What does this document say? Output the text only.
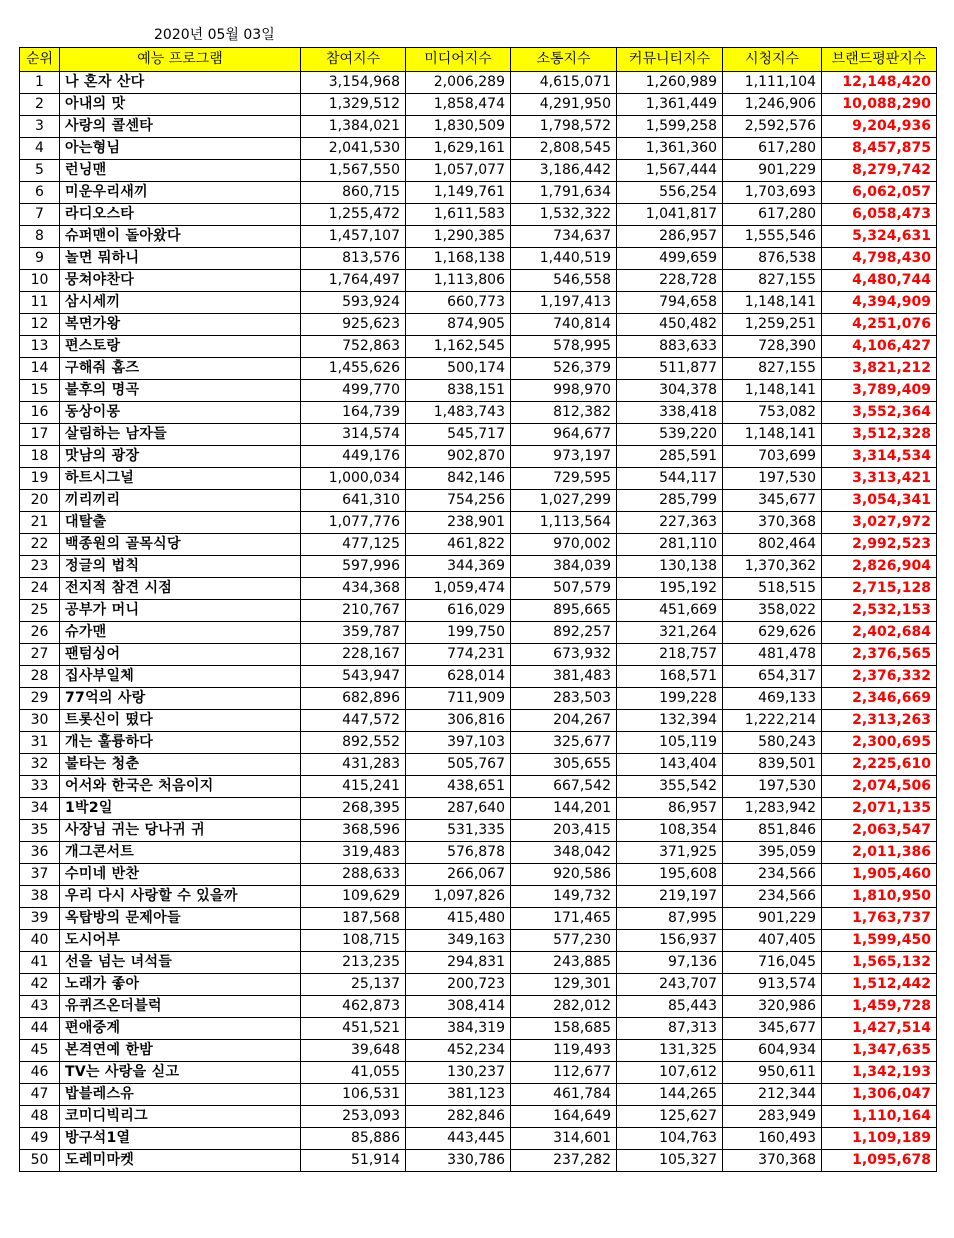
2020년 05월 03일
순위	예능 프로그램	참여지수	미디어지수	소통지수	커뮤니티지수	시청지수	브랜드평판지수
1	나 혼자 산다	3,154,968	2,006,289	4,615,071	1,260,989	1,111,104	12,148,420
2	아내의 맛	1,329,512	1,858,474	4,291,950	1,361,449	1,246,906	10,088,290
3	사랑의 콜센타	1,384,021	1,830,509	1,798,572	1,599,258	2,592,576	9,204,936
4	아는형님	2,041,530	1,629,161	2,808,545	1,361,360	617,280	8,457,875
5	런닝맨	1,567,550	1,057,077	3,186,442	1,567,444	901,229	8,279,742
6	미운우리새끼	860,715	1,149,761	1,791,634	556,254	1,703,693	6,062,057
7	라디오스타	1,255,472	1,611,583	1,532,322	1,041,817	617,280	6,058,473
8	슈퍼맨이 돌아왔다	1,457,107	1,290,385	734,637	286,957	1,555,546	5,324,631
9	놀면 뭐하니	813,576	1,168,138	1,440,519	499,659	876,538	4,798,430
10	뭉쳐야찬다	1,764,497	1,113,806	546,558	228,728	827,155	4,480,744
11	삼시세끼	593,924	660,773	1,197,413	794,658	1,148,141	4,394,909
12	복면가왕	925,623	874,905	740,814	450,482	1,259,251	4,251,076
13	편스토랑	752,863	1,162,545	578,995	883,633	728,390	4,106,427
14	구해줘 홈즈	1,455,626	500,174	526,379	511,877	827,155	3,821,212
15	불후의 명곡	499,770	838,151	998,970	304,378	1,148,141	3,789,409
16	동상이몽	164,739	1,483,743	812,382	338,418	753,082	3,552,364
17	살림하는 남자들	314,574	545,717	964,677	539,220	1,148,141	3,512,328
18	맛남의 광장	449,176	902,870	973,197	285,591	703,699	3,314,534
19	하트시그널	1,000,034	842,146	729,595	544,117	197,530	3,313,421
20	끼리끼리	641,310	754,256	1,027,299	285,799	345,677	3,054,341
21	대탈출	1,077,776	238,901	1,113,564	227,363	370,368	3,027,972
22	백종원의 골목식당	477,125	461,822	970,002	281,110	802,464	2,992,523
23	정글의 법칙	597,996	344,369	384,039	130,138	1,370,362	2,826,904
24	전지적 참견 시점	434,368	1,059,474	507,579	195,192	518,515	2,715,128
25	공부가 머니	210,767	616,029	895,665	451,669	358,022	2,532,153
26	슈가맨	359,787	199,750	892,257	321,264	629,626	2,402,684
27	팬텀싱어	228,167	774,231	673,932	218,757	481,478	2,376,565
28	집사부일체	543,947	628,014	381,483	168,571	654,317	2,376,332
29	77억의 사랑	682,896	711,909	283,503	199,228	469,133	2,346,669
30	트롯신이 떴다	447,572	306,816	204,267	132,394	1,222,214	2,313,263
31	개는 훌륭하다	892,552	397,103	325,677	105,119	580,243	2,300,695
32	불타는 청춘	431,283	505,767	305,655	143,404	839,501	2,225,610
33	어서와 한국은 처음이지	415,241	438,651	667,542	355,542	197,530	2,074,506
34	1박2일	268,395	287,640	144,201	86,957	1,283,942	2,071,135
35	사장님 귀는 당나귀 귀	368,596	531,335	203,415	108,354	851,846	2,063,547
36	개그콘서트	319,483	576,878	348,042	371,925	395,059	2,011,386
37	수미네 반찬	288,633	266,067	920,586	195,608	234,566	1,905,460
38	우리 다시 사랑할 수 있을까	109,629	1,097,826	149,732	219,197	234,566	1,810,950
39	옥탑방의 문제아들	187,568	415,480	171,465	87,995	901,229	1,763,737
40	도시어부	108,715	349,163	577,230	156,937	407,405	1,599,450
41	선을 넘는 녀석들	213,235	294,831	243,885	97,136	716,045	1,565,132
42	노래가 좋아	25,137	200,723	129,301	243,707	913,574	1,512,442
43	유퀴즈온더블럭	462,873	308,414	282,012	85,443	320,986	1,459,728
44	편애중계	451,521	384,319	158,685	87,313	345,677	1,427,514
45	본격연예 한밤	39,648	452,234	119,493	131,325	604,934	1,347,635
46	TV는 사랑을 싣고	41,055	130,237	112,677	107,612	950,611	1,342,193
47	밥블레스유	106,531	381,123	461,784	144,265	212,344	1,306,047
48	코미디빅리그	253,093	282,846	164,649	125,627	283,949	1,110,164
49	방구석1열	85,886	443,445	314,601	104,763	160,493	1,109,189
50	도레미마켓	51,914	330,786	237,282	105,327	370,368	1,095,678
